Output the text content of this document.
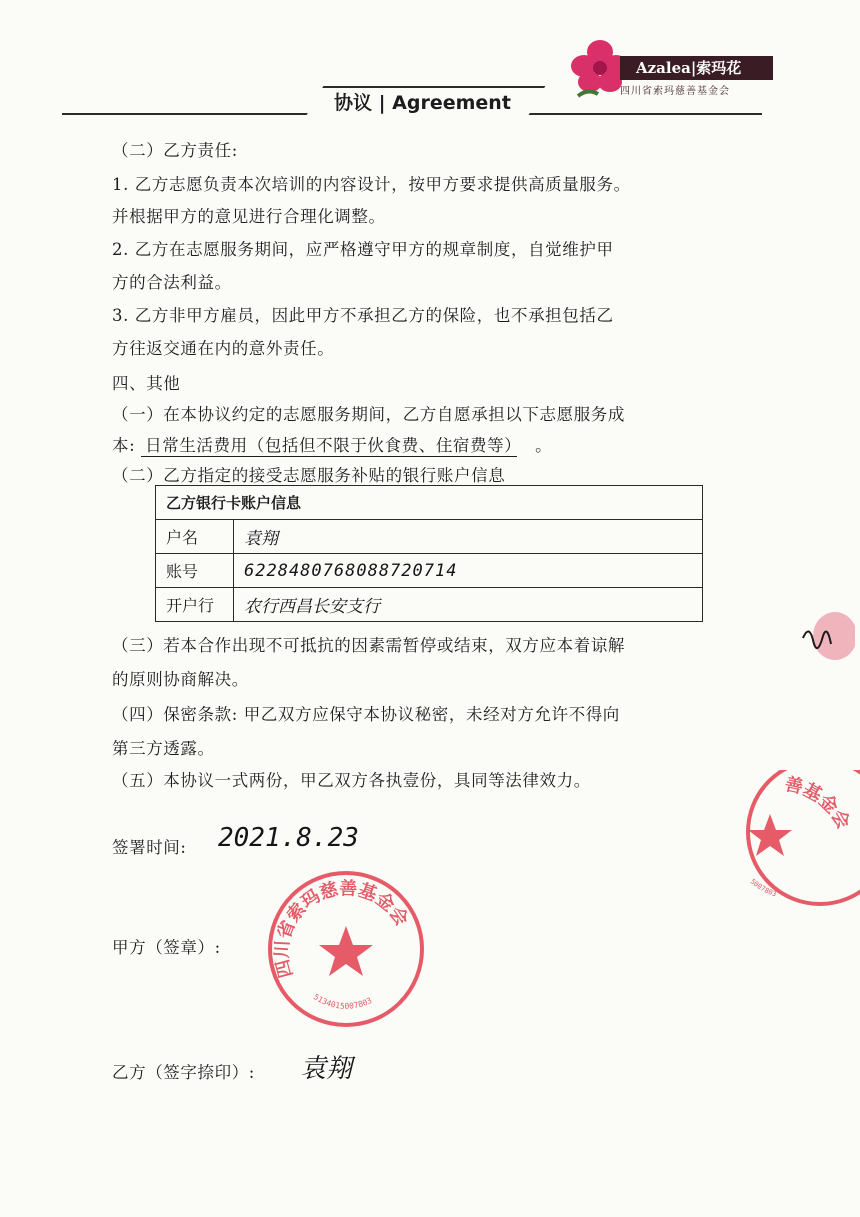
协议 | Agreement
Azalea|索玛花
四川省索玛慈善基金会
（二）乙方责任:
1. 乙方志愿负责本次培训的内容设计，按甲方要求提供高质量服务。
并根据甲方的意见进行合理化调整。
2. 乙方在志愿服务期间，应严格遵守甲方的规章制度，自觉维护甲
方的合法利益。
3. 乙方非甲方雇员，因此甲方不承担乙方的保险，也不承担包括乙
方往返交通在内的意外责任。
四、其他
（一）在本协议约定的志愿服务期间，乙方自愿承担以下志愿服务成
本: 日常生活费用（包括但不限于伙食费、住宿费等） 。
（二）乙方指定的接受志愿服务补贴的银行账户信息
乙方银行卡账户信息	
户名	袁翔
账号	6228480768088720714
开户行	农行西昌长安支行
（三）若本合作出现不可抵抗的因素需暂停或结束，双方应本着谅解
的原则协商解决。
（四）保密条款: 甲乙双方应保守本协议秘密，未经对方允许不得向
第三方透露。
（五）本协议一式两份，甲乙双方各执壹份，具同等法律效力。
签署时间: 2021.8.23
甲方（签章）:
乙方（签字捺印）: 袁翔
四川省索玛慈善基金会
5134015007803
善基金会
5007803
